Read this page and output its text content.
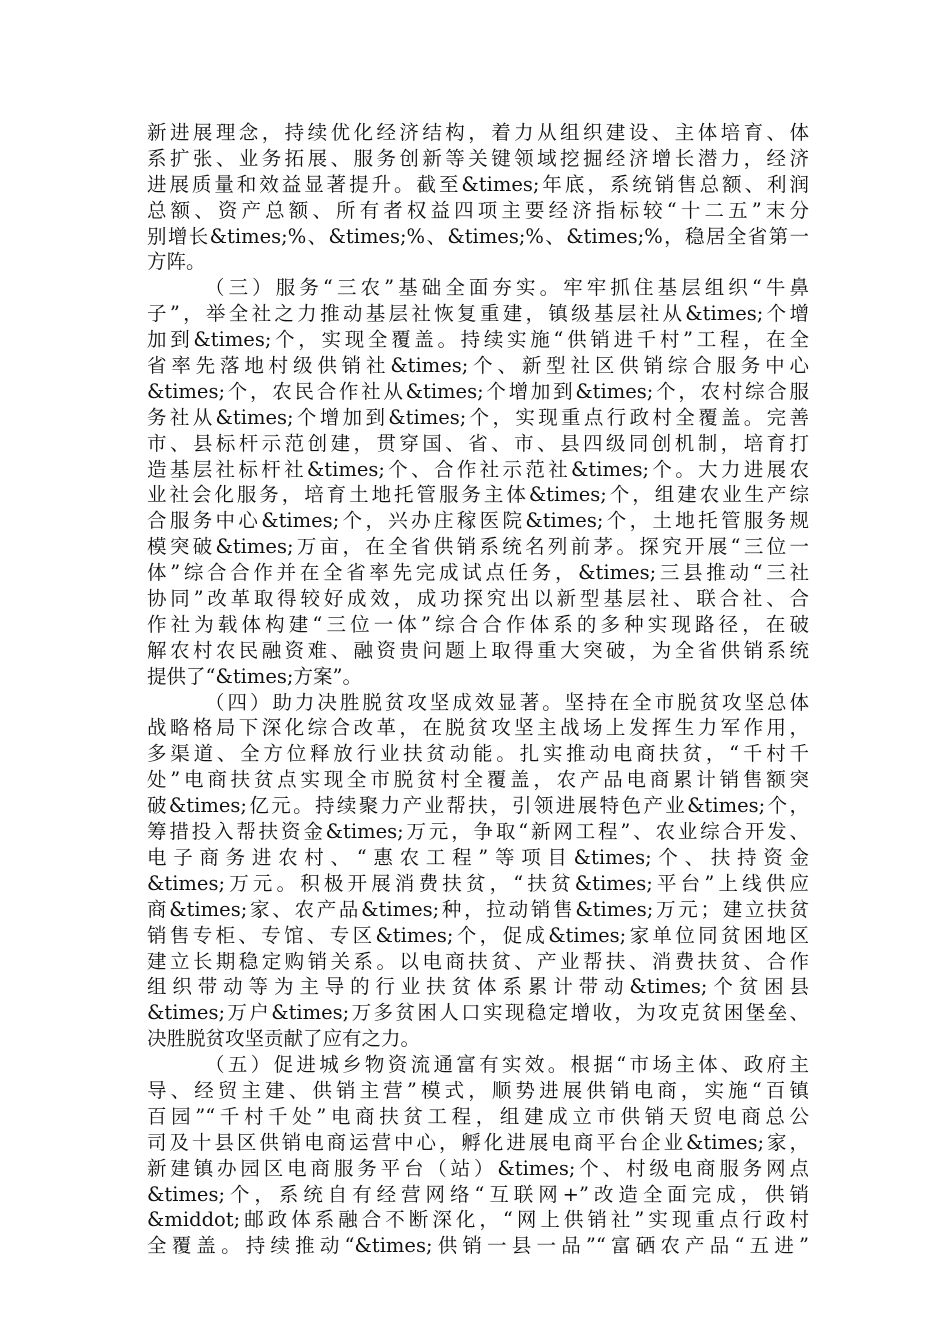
新进展理念，持续优化经济结构，着力从组织建设、主体培育、体
系扩张、业务拓展、服务创新等关键领域挖掘经济增长潜力，经济
进展质量和效益显著提升。截至&times;年底，系统销售总额、利润
总额、资产总额、所有者权益四项主要经济指标较“十二五”末分
别增长&times;%、&times;%、&times;%、&times;%，稳居全省第一
方阵。
（三）服务“三农”基础全面夯实。牢牢抓住基层组织“牛鼻
子”，举全社之力推动基层社恢复重建，镇级基层社从&times;个增
加到&times;个，实现全覆盖。持续实施“供销进千村”工程，在全
省率先落地村级供销社&times;个、新型社区供销综合服务中心
&times;个，农民合作社从&times;个增加到&times;个，农村综合服
务社从&times;个增加到&times;个，实现重点行政村全覆盖。完善
市、县标杆示范创建，贯穿国、省、市、县四级同创机制，培育打
造基层社标杆社&times;个、合作社示范社&times;个。大力进展农
业社会化服务，培育土地托管服务主体&times;个，组建农业生产综
合服务中心&times;个，兴办庄稼医院&times;个，土地托管服务规
模突破&times;万亩，在全省供销系统名列前茅。探究开展“三位一
体”综合合作并在全省率先完成试点任务，&times;三县推动“三社
协同”改革取得较好成效，成功探究出以新型基层社、联合社、合
作社为载体构建“三位一体”综合合作体系的多种实现路径，在破
解农村农民融资难、融资贵问题上取得重大突破，为全省供销系统
提供了“&times;方案”。
（四）助力决胜脱贫攻坚成效显著。坚持在全市脱贫攻坚总体
战略格局下深化综合改革，在脱贫攻坚主战场上发挥生力军作用，
多渠道、全方位释放行业扶贫动能。扎实推动电商扶贫，“千村千
处”电商扶贫点实现全市脱贫村全覆盖，农产品电商累计销售额突
破&times;亿元。持续聚力产业帮扶，引领进展特色产业&times;个，
筹措投入帮扶资金&times;万元，争取“新网工程”、农业综合开发、
电子商务进农村、“惠农工程”等项目&times;个、扶持资金
&times;万元。积极开展消费扶贫，“扶贫&times;平台”上线供应
商&times;家、农产品&times;种，拉动销售&times;万元；建立扶贫
销售专柜、专馆、专区&times;个，促成&times;家单位同贫困地区
建立长期稳定购销关系。以电商扶贫、产业帮扶、消费扶贫、合作
组织带动等为主导的行业扶贫体系累计带动&times;个贫困县
&times;万户&times;万多贫困人口实现稳定增收，为攻克贫困堡垒、
决胜脱贫攻坚贡献了应有之力。
（五）促进城乡物资流通富有实效。根据“市场主体、政府主
导、经贸主建、供销主营”模式，顺势进展供销电商，实施“百镇
百园”“千村千处”电商扶贫工程，组建成立市供销天贸电商总公
司及十县区供销电商运营中心，孵化进展电商平台企业&times;家，
新建镇办园区电商服务平台（站）&times;个、村级电商服务网点
&times;个，系统自有经营网络“互联网+”改造全面完成，供销
&middot;邮政体系融合不断深化，“网上供销社”实现重点行政村
全覆盖。持续推动“&times;供销一县一品”“富硒农产品“五进”
